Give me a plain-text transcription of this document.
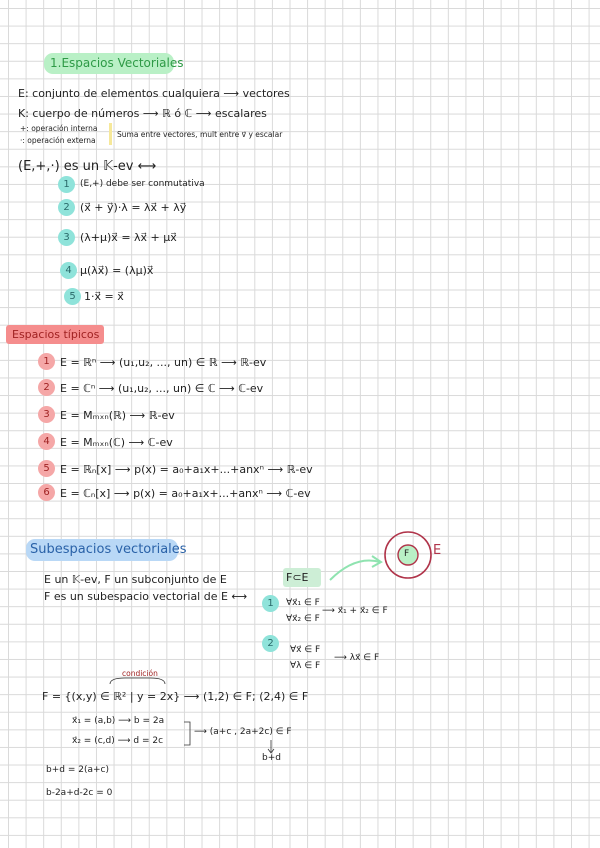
1.Espacios Vectoriales
E: conjunto de elementos cualquiera ⟶ vectores
K: cuerpo de números ⟶ ℝ ó ℂ ⟶ escalares
+: operación interna
·: operación externa
Suma entre vectores, mult entre v⃗ y escalar
(E,+,·) es un 𝕂-ev ⟷
1	(E,+) debe ser conmutativa
2 (x⃗ + y⃗)·λ = λx⃗ + λy⃗
3 (λ+μ)x⃗ = λx⃗ + μx⃗
4 μ(λx⃗) = (λμ)x⃗
5 1·x⃗ = x⃗
Espacios típicos
1 E = ℝⁿ ⟶ (u₁,u₂, ..., un) ∈ ℝ ⟶ ℝ-ev
2 E = ℂⁿ ⟶ (u₁,u₂, ..., un) ∈ ℂ ⟶ ℂ-ev
3 E = Mₘₓₙ(ℝ) ⟶ ℝ-ev
4 E = Mₘₓₙ(ℂ) ⟶ ℂ-ev
5 E = ℝₙ[x] ⟶ p(x) = a₀+a₁x+...+anxⁿ ⟶ ℝ-ev
6 E = ℂₙ[x] ⟶ p(x) = a₀+a₁x+...+anxⁿ ⟶ ℂ-ev
Subespacios vectoriales	E
F
E un 𝕂-ev, F un subconjunto de E	F⊂E
F es un subespacio vectorial de E ⟷
1	∀x⃗₁ ∈ F
∀x⃗₂ ∈ F
⟶ x⃗₁ + x⃗₂ ∈ F
2
∀x⃗ ∈ F
∀λ ∈ F
⟶ λx⃗ ∈ F
condición
F = {(x,y) ∈ ℝ² | y = 2x} ⟶ (1,2) ∈ F; (2,4) ∈ F
x⃗₁ = (a,b) ⟶ b = 2a
x⃗₂ = (c,d) ⟶ d = 2c
⟶ (a+c , 2a+2c) ∈ F
b+d
b+d = 2(a+c)
b-2a+d-2c = 0
